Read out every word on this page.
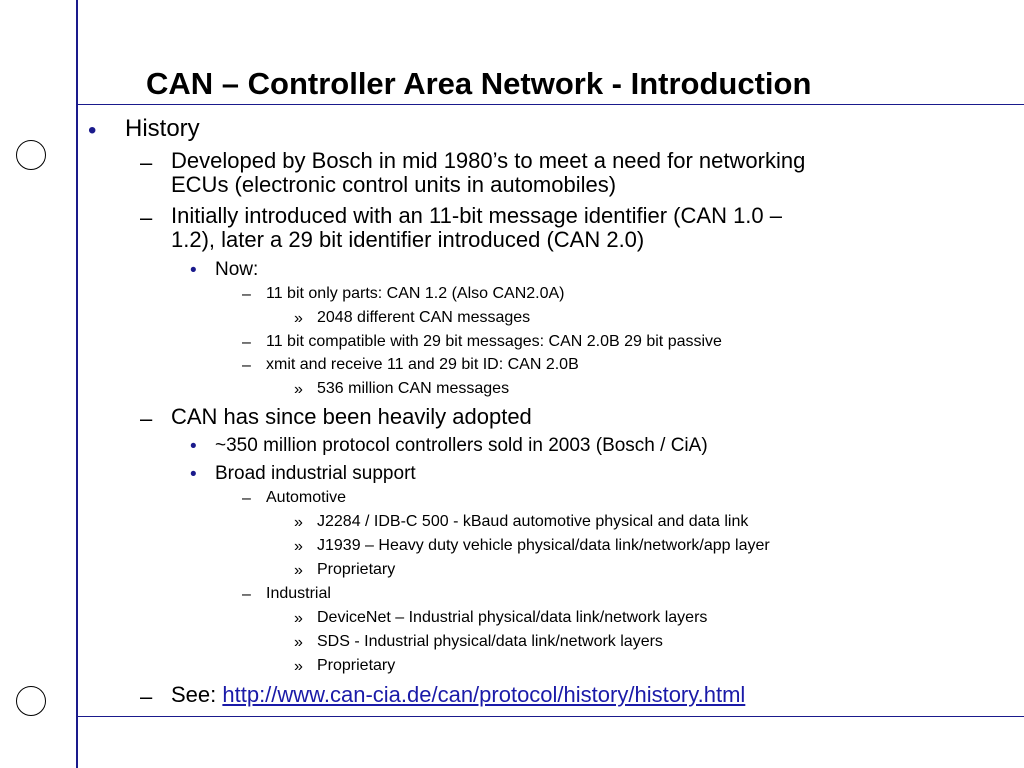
CAN – Controller Area Network - Introduction
• History
– Developed by Bosch in mid 1980’s to meet a need for networking
ECUs (electronic control units in automobiles)
– Initially introduced with an 11-bit message identifier (CAN 1.0 –
1.2), later a 29 bit identifier introduced (CAN 2.0)
• Now:
– 11 bit only parts: CAN 1.2 (Also CAN2.0A)
» 2048 different CAN messages
– 11 bit compatible with 29 bit messages: CAN 2.0B 29 bit passive
– xmit and receive 11 and 29 bit ID: CAN 2.0B
» 536 million CAN messages
– CAN has since been heavily adopted
• ~350 million protocol controllers sold in 2003 (Bosch / CiA)
• Broad industrial support
– Automotive
» J2284 / IDB-C 500 - kBaud automotive physical and data link
» J1939 – Heavy duty vehicle physical/data link/network/app layer
» Proprietary
– Industrial
» DeviceNet – Industrial physical/data link/network layers
» SDS - Industrial physical/data link/network layers
» Proprietary
– See: http://www.can-cia.de/can/protocol/history/history.html
